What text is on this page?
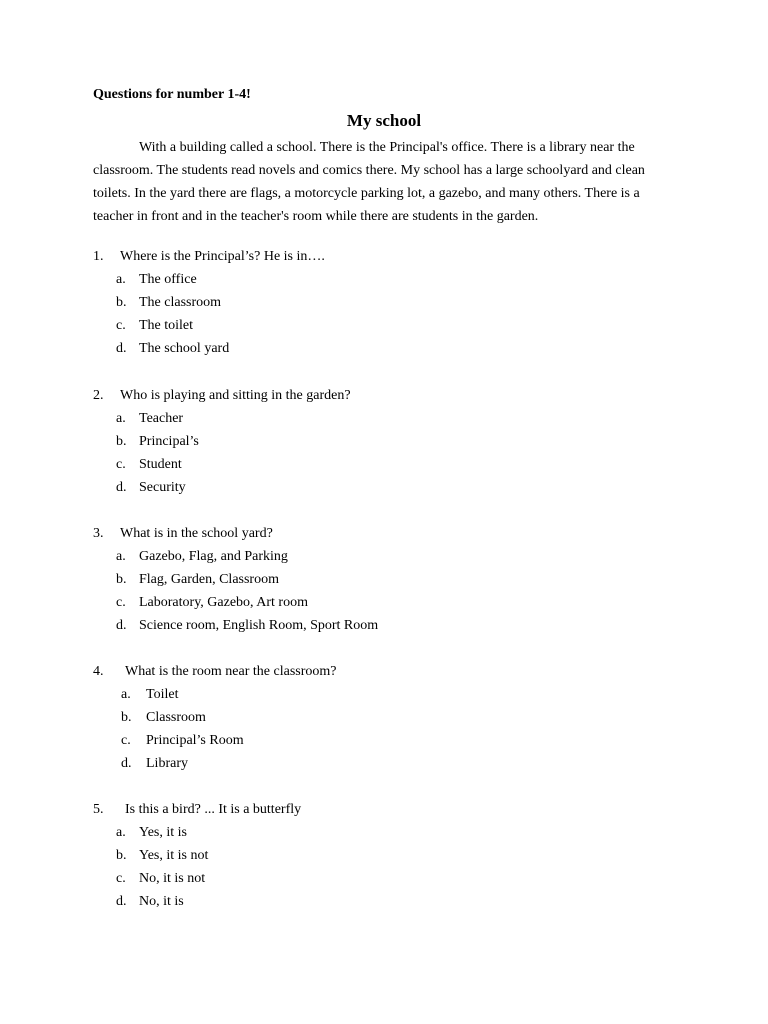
Questions for number 1-4!
My school

With a building called a school. There is the Principal's office. There is a library near the classroom. The students read novels and comics there. My school has a large schoolyard and clean toilets. In the yard there are flags, a motorcycle parking lot, a gazebo, and many others. There is a teacher in front and in the teacher's room while there are students in the garden.

1. Where is the Principal’s? He is in….
a. The office
b. The classroom
c. The toilet
d. The school yard
2. Who is playing and sitting in the garden?
a. Teacher
b. Principal’s
c. Student
d. Security
3. What is in the school yard?
a. Gazebo, Flag, and Parking
b. Flag, Garden, Classroom
c. Laboratory, Gazebo, Art room
d. Science room, English Room, Sport Room
4. What is the room near the classroom?
a. Toilet
b. Classroom
c. Principal’s Room
d. Library
5. Is this a bird? ... It is a butterfly
a. Yes, it is
b. Yes, it is not
c. No, it is not
d. No, it is
